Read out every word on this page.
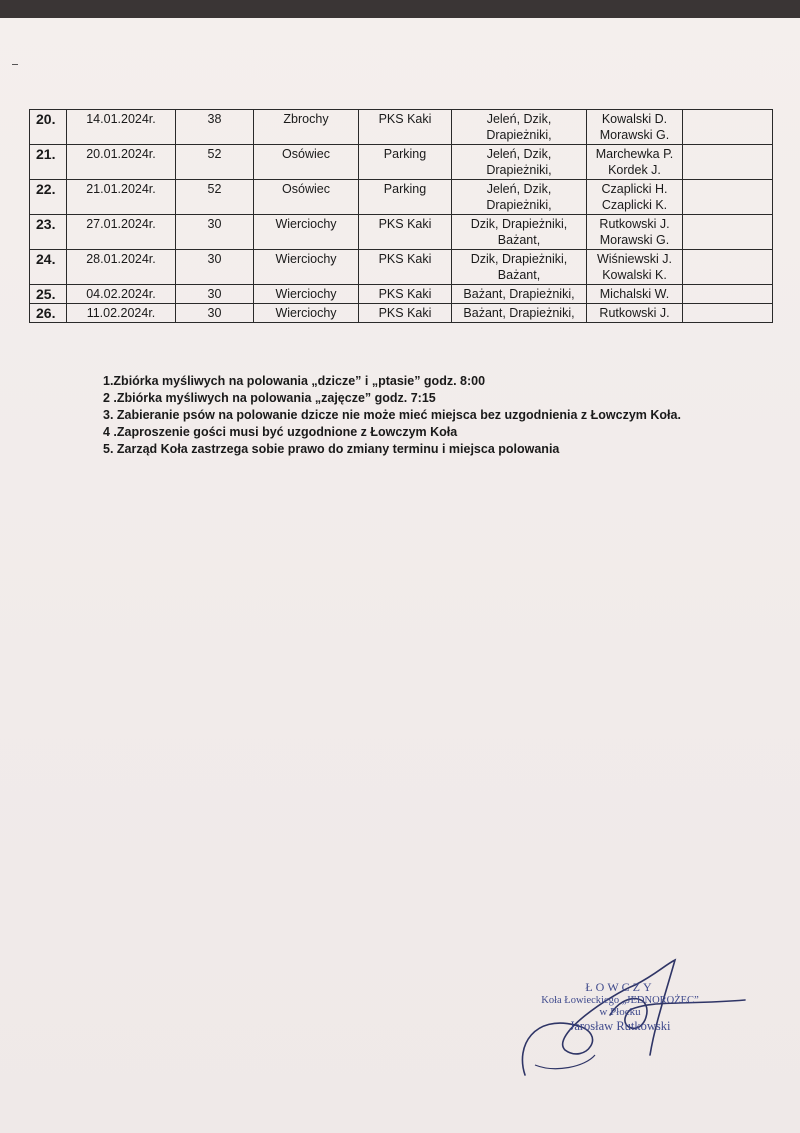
20.	14.01.2024r.	38	Zbrochy	PKS Kaki	Jeleń, Dzik,
Drapieżniki,	Kowalski D.
Morawski G.	

21.	20.01.2024r.	52	Osówiec	Parking	Jeleń, Dzik,
Drapieżniki,	Marchewka P.
Kordek J.	

22.	21.01.2024r.	52	Osówiec	Parking	Jeleń, Dzik,
Drapieżniki,	Czaplicki H.
Czaplicki K.	

23.	27.01.2024r.	30	Wierciochy	PKS Kaki	Dzik, Drapieżniki,
Bażant,	Rutkowski J.
Morawski G.	

24.	28.01.2024r.	30	Wierciochy	PKS Kaki	Dzik, Drapieżniki,
Bażant,	Wiśniewski J.
Kowalski K.	

25.	04.02.2024r.	30	Wierciochy	PKS Kaki	Bażant, Drapieżniki,	Michalski W.	

26.	11.02.2024r.	30	Wierciochy	PKS Kaki	Bażant, Drapieżniki,	Rutkowski J.	

1.Zbiórka myśliwych na polowania „dzicze” i „ptasie” godz. 8:00
2 .Zbiórka myśliwych na polowania „zajęcze” godz. 7:15
3. Zabieranie psów na polowanie dzicze nie może mieć miejsca bez uzgodnienia z Łowczym Koła.
4 .Zaproszenie gości musi być uzgodnione z Łowczym Koła
5. Zarząd Koła zastrzega sobie prawo do zmiany terminu i miejsca polowania
ŁOWCZY
Koła Łowieckiego „JEDNOROŻEC”
w Płocku
Jarosław Rutkowski
